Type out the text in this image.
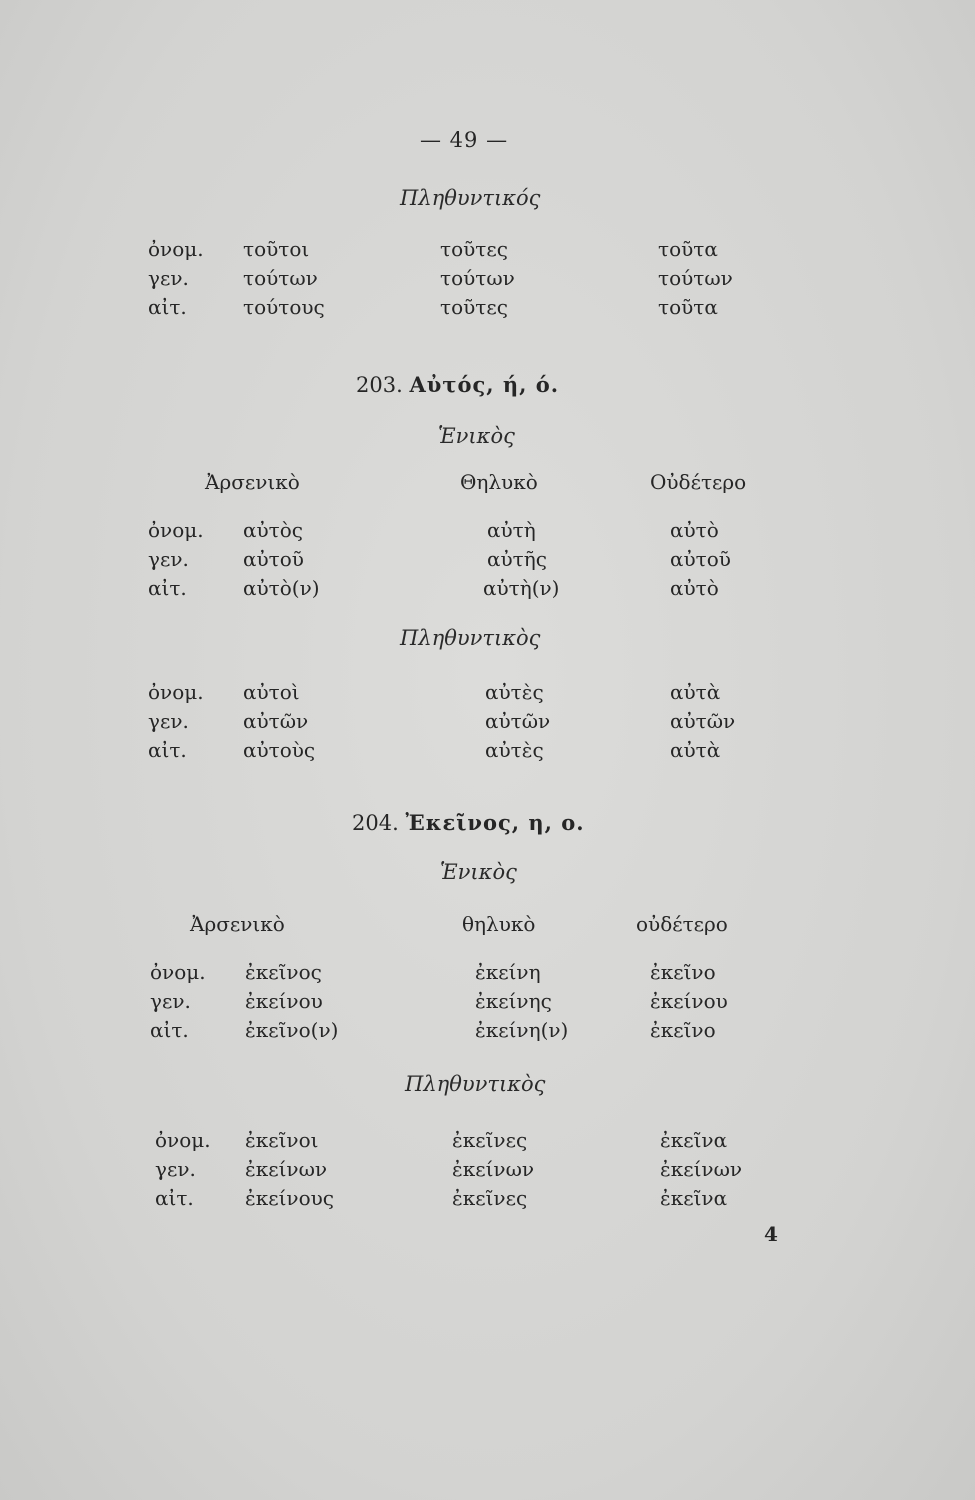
— 49 —
Πληθυντικός
ὀνομ. τοῦτοι	τοῦτες	τοῦτα
γεν.	τούτων	τούτων	τούτων
αἰτ.	τούτους	τοῦτες	τοῦτα
203. Αὐτός, ή, ό.
Ἑνικὸς
Ἀρσενικὸ	Θηλυκὸ	Οὐδέτερο
ὀνομ. αὐτὸς	αὐτὴ	αὐτὸ
γεν.	αὐτοῦ	αὐτῆς	αὐτοῦ
αἰτ.	αὐτὸ(ν)	αὐτὴ(ν)	αὐτὸ
Πληθυντικὸς
ὀνομ. αὐτοὶ	αὐτὲς	αὐτὰ
γεν.	αὐτῶν	αὐτῶν	αὐτῶν
αἰτ.	αὐτοὺς	αὐτὲς	αὐτὰ
204. Ἐκεῖνος, η, ο.
Ἑνικὸς
Ἀρσενικὸ	θηλυκὸ	οὐδέτερο
ὀνομ. ἐκεῖνος	ἐκείνη	ἐκεῖνο
γεν.	ἐκείνου	ἐκείνης	ἐκείνου
αἰτ.	ἐκεῖνο(ν)	ἐκείνη(ν)	ἐκεῖνο
Πληθυντικὸς
ὀνομ. ἐκεῖνοι	ἐκεῖνες	ἐκεῖνα
γεν. ἐκείνων	ἐκείνων	ἐκείνων
αἰτ.	ἐκείνους	ἐκεῖνες	ἐκεῖνα
4
